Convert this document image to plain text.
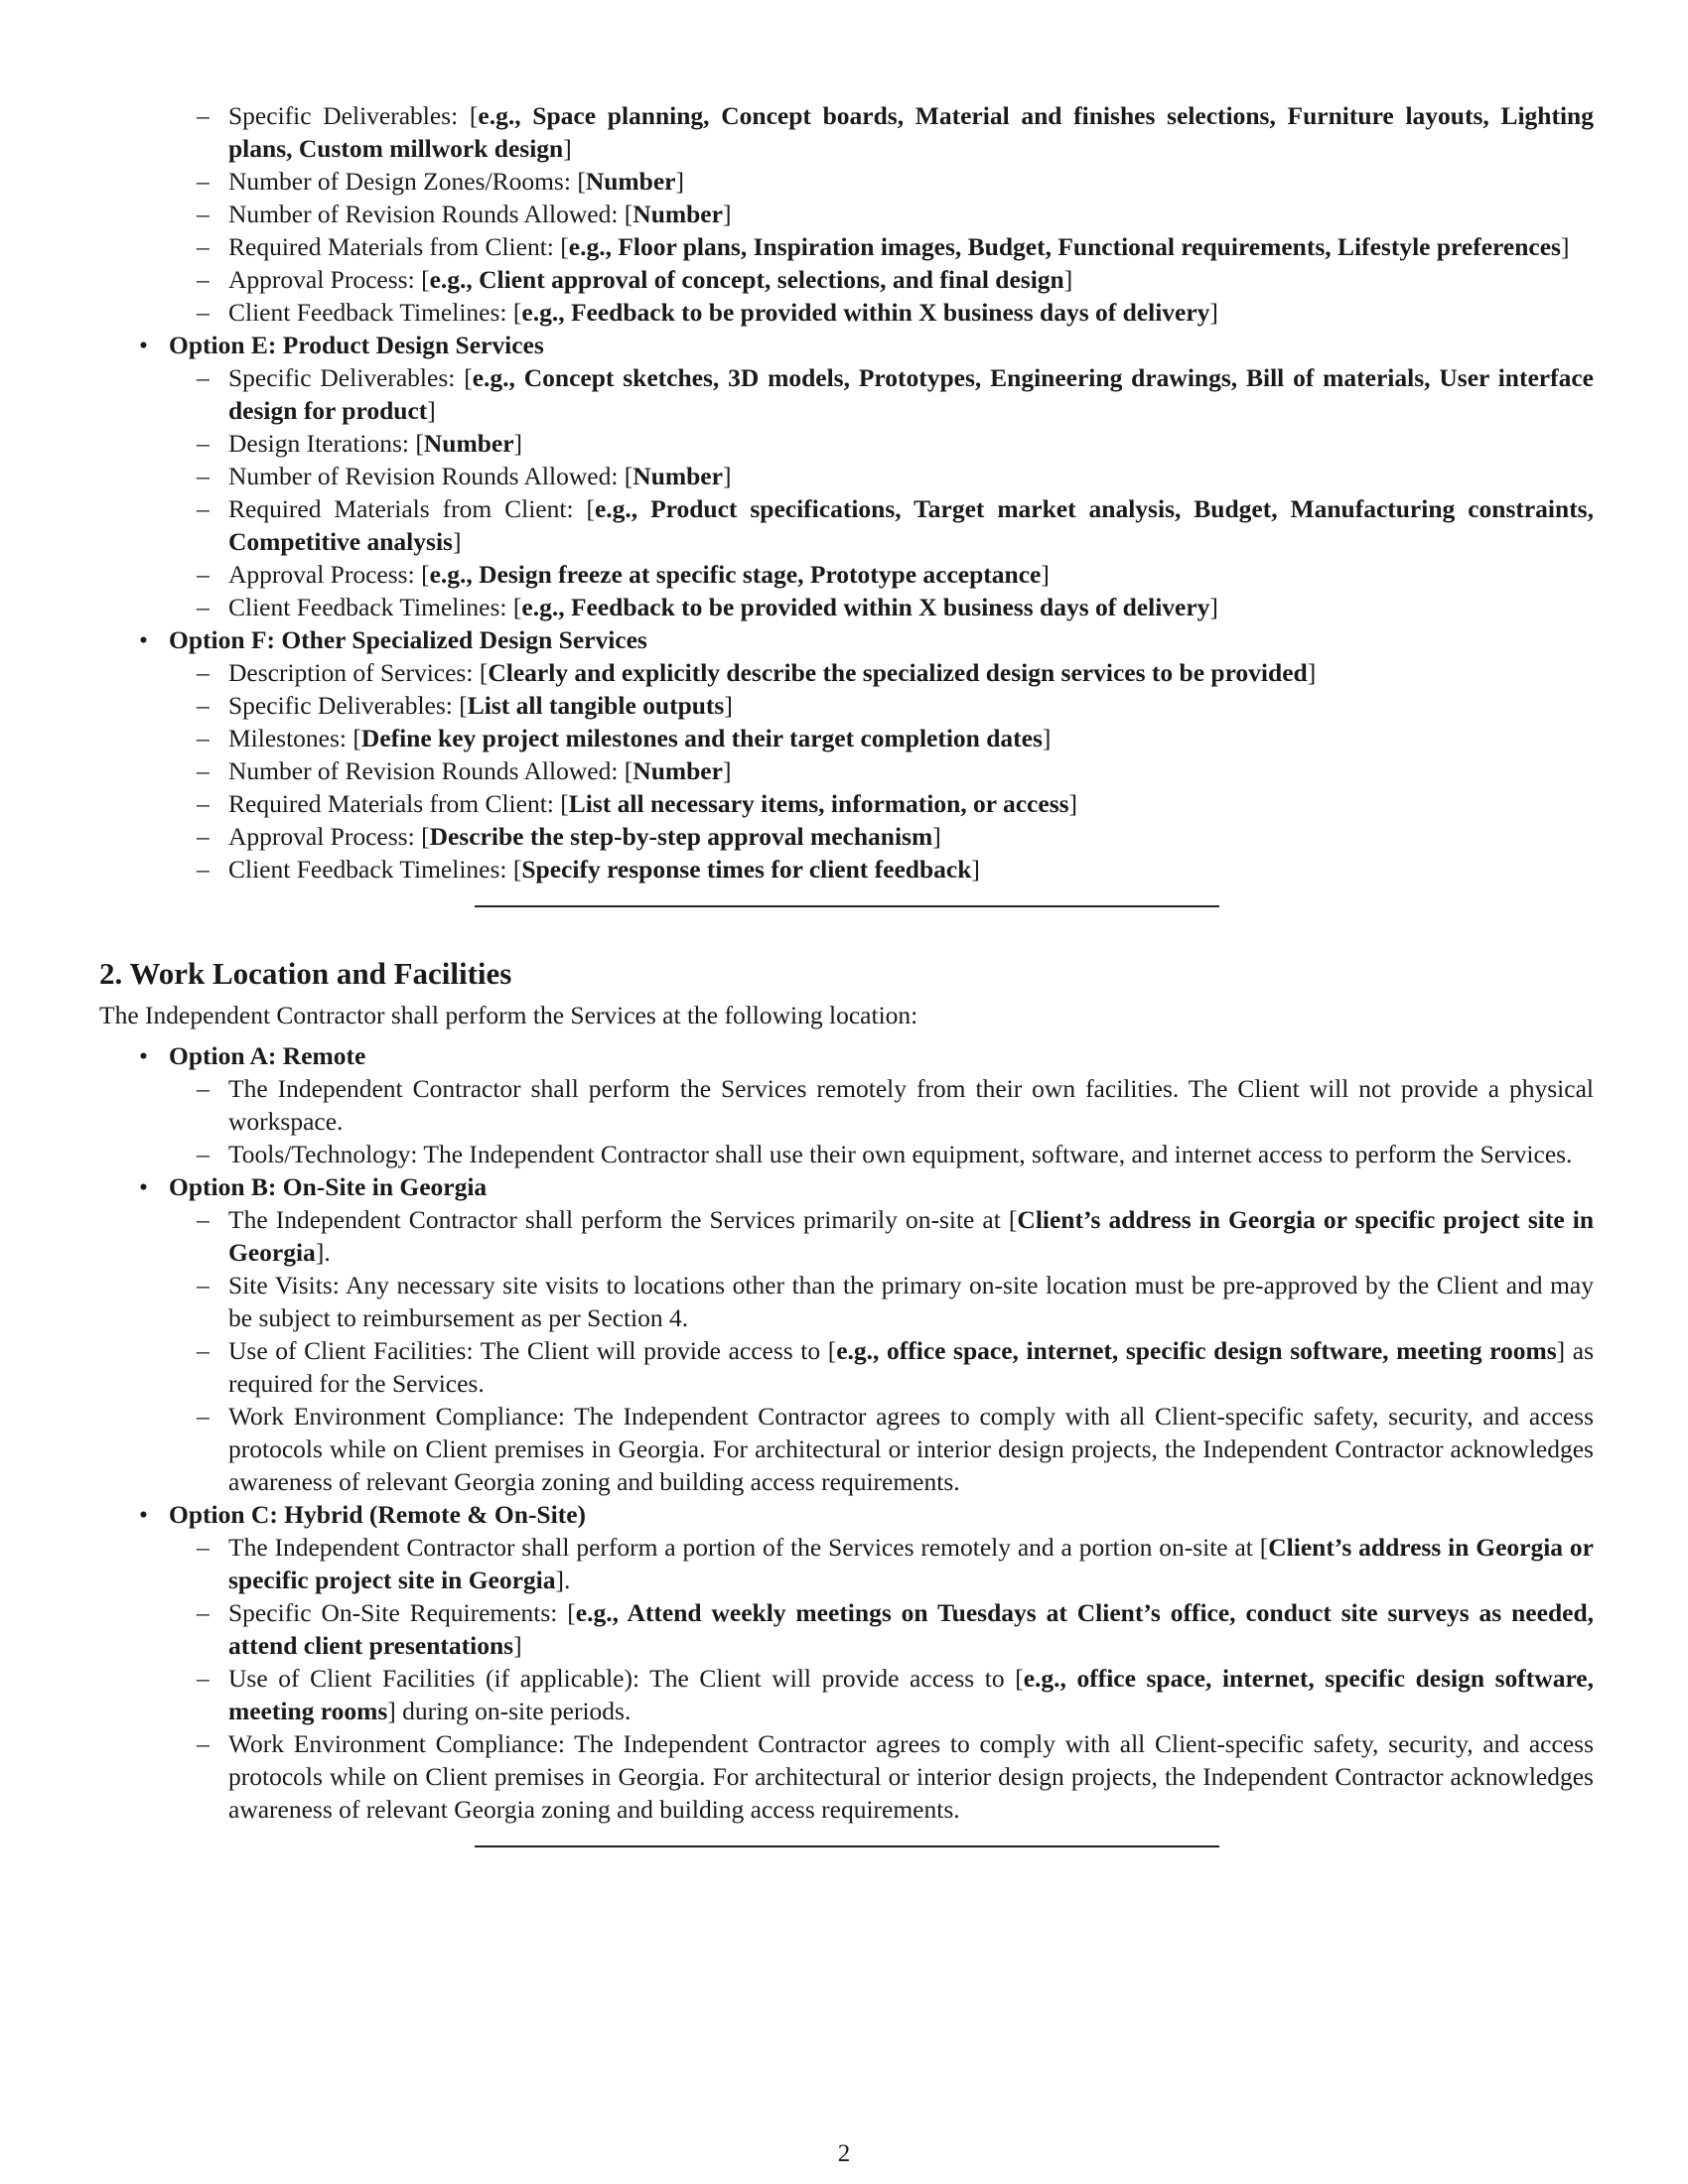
– Specific Deliverables: [e.g., Space planning, Concept boards, Material and finishes selections, Furniture layouts, Lighting plans, Custom millwork design]
– Number of Design Zones/Rooms: [Number]
– Number of Revision Rounds Allowed: [Number]
– Required Materials from Client: [e.g., Floor plans, Inspiration images, Budget, Functional requirements, Lifestyle preferences]
– Approval Process: [e.g., Client approval of concept, selections, and final design]
– Client Feedback Timelines: [e.g., Feedback to be provided within X business days of delivery]
• Option E: Product Design Services
– Specific Deliverables: [e.g., Concept sketches, 3D models, Prototypes, Engineering drawings, Bill of materials, User interface design for product]
– Design Iterations: [Number]
– Number of Revision Rounds Allowed: [Number]
– Required Materials from Client: [e.g., Product specifications, Target market analysis, Budget, Manufacturing constraints, Competitive analysis]
– Approval Process: [e.g., Design freeze at specific stage, Prototype acceptance]
– Client Feedback Timelines: [e.g., Feedback to be provided within X business days of delivery]
• Option F: Other Specialized Design Services
– Description of Services: [Clearly and explicitly describe the specialized design services to be provided]
– Specific Deliverables: [List all tangible outputs]
– Milestones: [Define key project milestones and their target completion dates]
– Number of Revision Rounds Allowed: [Number]
– Required Materials from Client: [List all necessary items, information, or access]
– Approval Process: [Describe the step-by-step approval mechanism]
– Client Feedback Timelines: [Specify response times for client feedback]
2. Work Location and Facilities

The Independent Contractor shall perform the Services at the following location:

• Option A: Remote
– The Independent Contractor shall perform the Services remotely from their own facilities. The Client will not provide a physical workspace.
– Tools/Technology: The Independent Contractor shall use their own equipment, software, and internet access to perform the Services.
• Option B: On-Site in Georgia
– The Independent Contractor shall perform the Services primarily on-site at [Client’s address in Georgia or specific project site in Georgia].
– Site Visits: Any necessary site visits to locations other than the primary on-site location must be pre-approved by the Client and may be subject to reimbursement as per Section 4.
– Use of Client Facilities: The Client will provide access to [e.g., office space, internet, specific design software, meeting rooms] as required for the Services.
– Work Environment Compliance: The Independent Contractor agrees to comply with all Client-specific safety, security, and access protocols while on Client premises in Georgia. For architectural or interior design projects, the Independent Contractor acknowledges awareness of relevant Georgia zoning and building access requirements.
• Option C: Hybrid (Remote & On-Site)
– The Independent Contractor shall perform a portion of the Services remotely and a portion on-site at [Client’s address in Georgia or specific project site in Georgia].
– Specific On-Site Requirements: [e.g., Attend weekly meetings on Tuesdays at Client’s office, conduct site surveys as needed, attend client presentations]
– Use of Client Facilities (if applicable): The Client will provide access to [e.g., office space, internet, specific design software, meeting rooms] during on-site periods.
– Work Environment Compliance: The Independent Contractor agrees to comply with all Client-specific safety, security, and access protocols while on Client premises in Georgia. For architectural or interior design projects, the Independent Contractor acknowledges awareness of relevant Georgia zoning and building access requirements.
2
